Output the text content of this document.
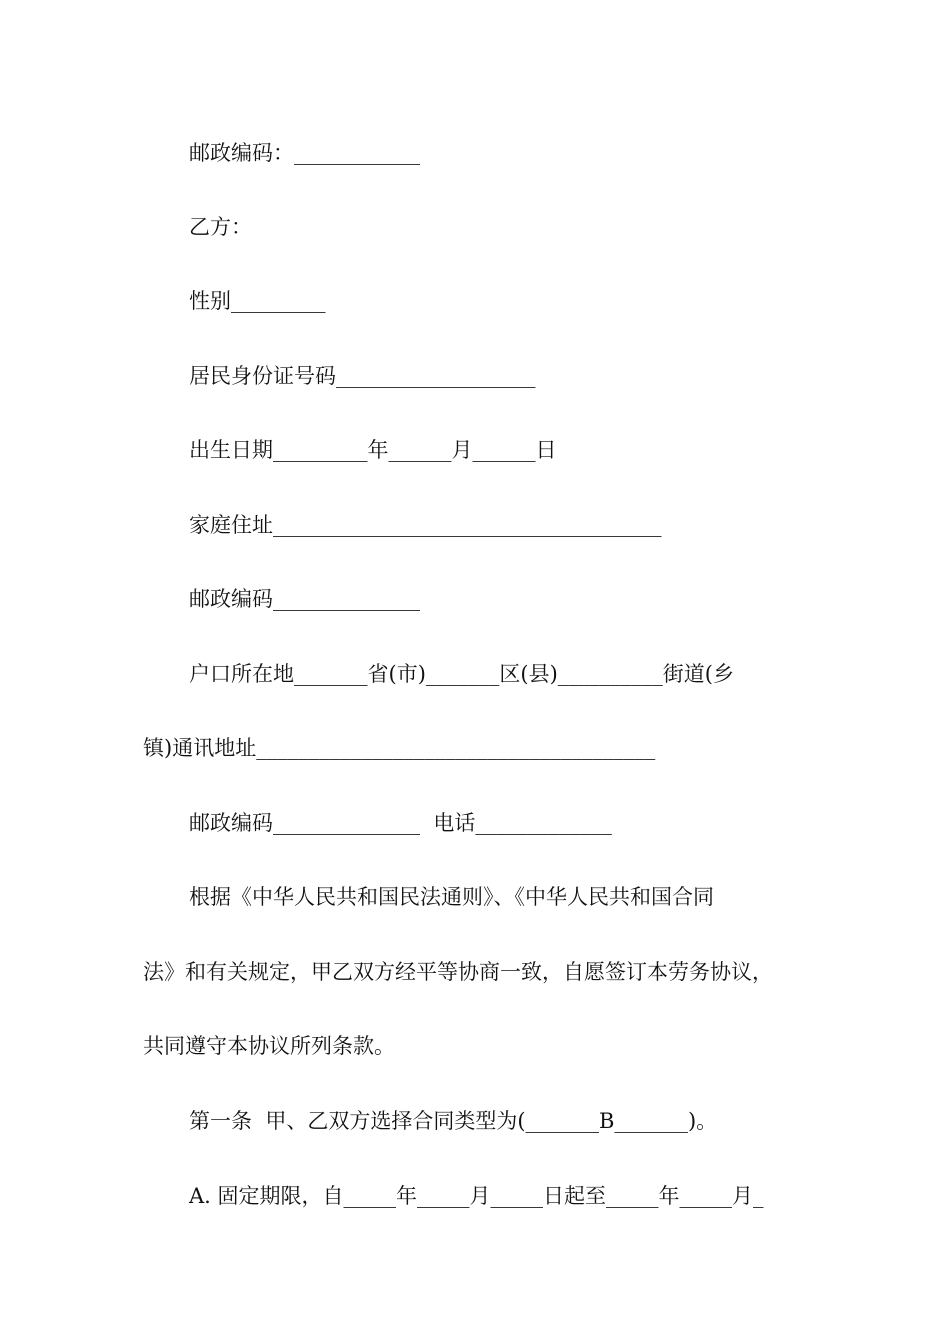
邮政编码：____________
乙方：
性别_________
居民身份证号码___________________
出生日期_________年______月______日
家庭住址_____________________________________
邮政编码______________
户口所在地_______省(市)_______区(县)__________街道(乡
镇)通讯地址______________________________________
邮政编码______________  电话_____________
根据《中华人民共和国民法通则》、《中华人民共和国合同
法》和有关规定，甲乙双方经平等协商一致，自愿签订本劳务协议，
共同遵守本协议所列条款。
第一条  甲、乙双方选择合同类型为(_______B_______)。
A. 固定期限，自_____年_____月_____日起至_____年_____月_
